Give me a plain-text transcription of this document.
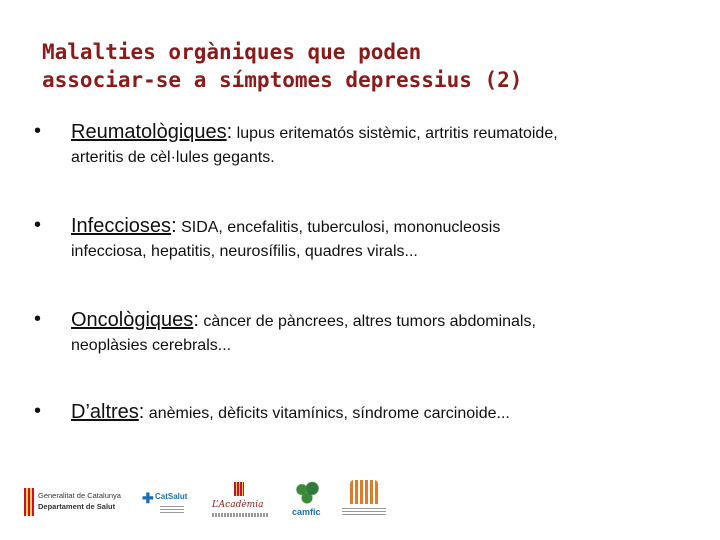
Malalties orgàniques que poden
associar-se a símptomes depressius (2)
• Reumatològiques: lupus eritematós sistèmic, artritis reumatoide,
arteritis de cèl·lules gegants.
• Infeccioses: SIDA, encefalitis, tuberculosi, mononucleosis
infecciosa, hepatitis, neurosífilis, quadres virals...
• Oncològiques: càncer de pàncrees, altres tumors abdominals,
neoplàsies cerebrals...
• D’altres: anèmies, dèficits vitamínics, síndrome carcinoide...
Generalitat de Catalunya
Departament de Salut
✚ CatSalut
L’Acadèmia
camfic
